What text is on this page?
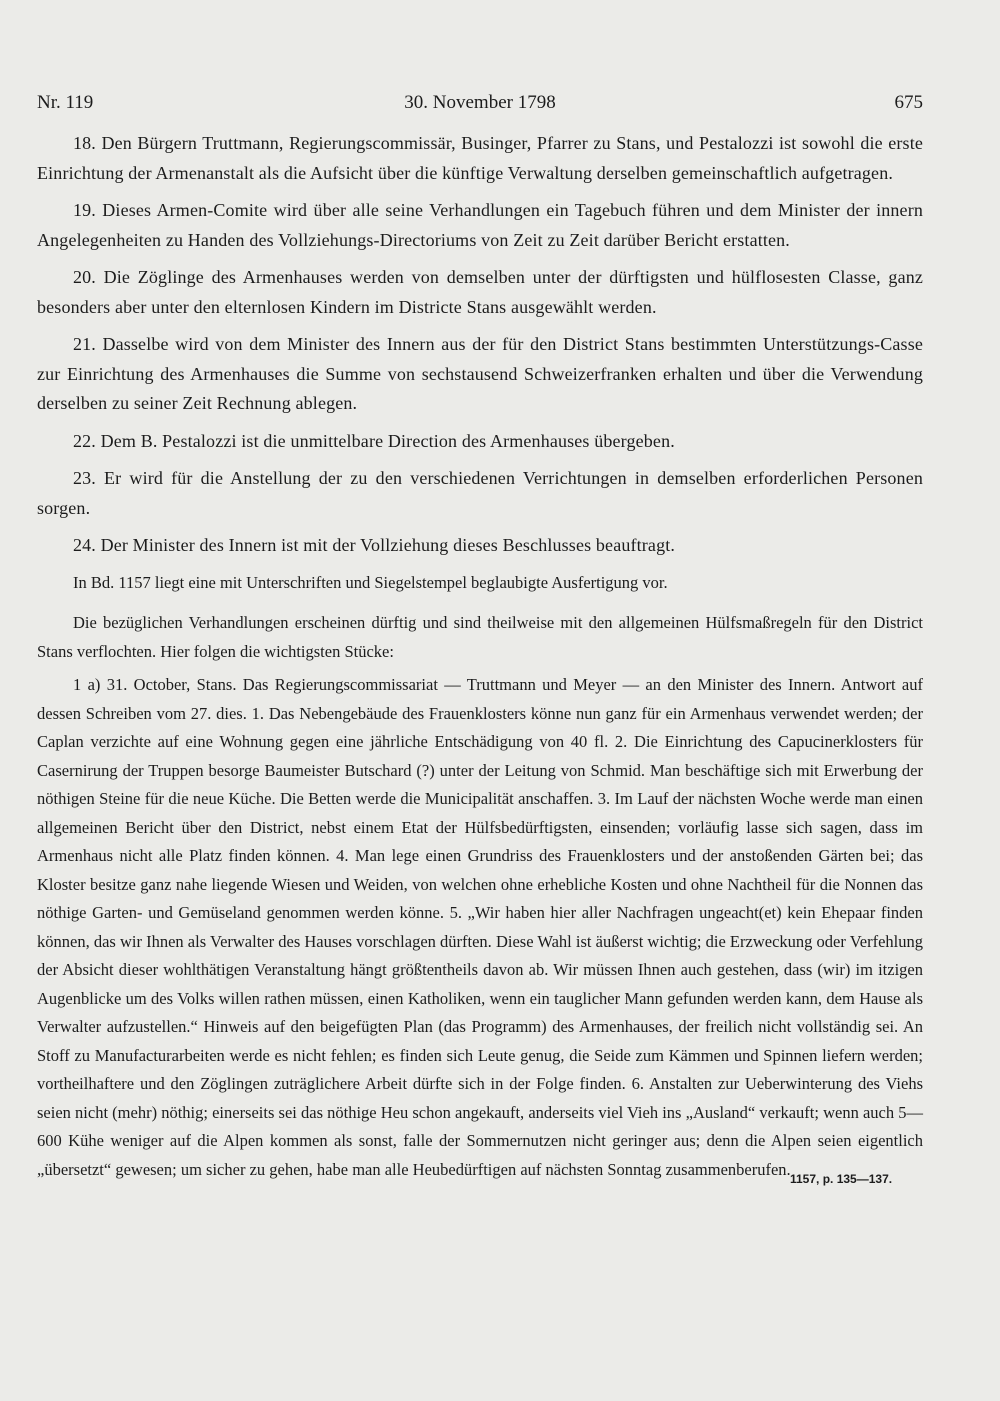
Nr. 119	30. November 1798	675

18. Den Bürgern Truttmann, Regierungscommissär, Businger, Pfarrer zu Stans, und Pestalozzi ist sowohl die erste Einrichtung der Armenanstalt als die Aufsicht über die künftige Verwaltung derselben gemeinschaftlich aufgetragen.

19. Dieses Armen-Comite wird über alle seine Verhandlungen ein Tagebuch führen und dem Minister der innern Angelegenheiten zu Handen des Vollziehungs-Directoriums von Zeit zu Zeit darüber Bericht erstatten.

20. Die Zöglinge des Armenhauses werden von demselben unter der dürftigsten und hülflosesten Classe, ganz besonders aber unter den elternlosen Kindern im Districte Stans ausgewählt werden.

21. Dasselbe wird von dem Minister des Innern aus der für den District Stans bestimmten Unterstützungs-Casse zur Einrichtung des Armenhauses die Summe von sechstausend Schweizerfranken erhalten und über die Verwendung derselben zu seiner Zeit Rechnung ablegen.

22. Dem B. Pestalozzi ist die unmittelbare Direction des Armenhauses übergeben.

23. Er wird für die Anstellung der zu den verschiedenen Verrichtungen in demselben erforderlichen Personen sorgen.

24. Der Minister des Innern ist mit der Vollziehung dieses Beschlusses beauftragt.

In Bd. 1157 liegt eine mit Unterschriften und Siegelstempel beglaubigte Ausfertigung vor.

Die bezüglichen Verhandlungen erscheinen dürftig und sind theilweise mit den allgemeinen Hülfsmaßregeln für den District Stans verflochten. Hier folgen die wichtigsten Stücke:

1 a) 31. October, Stans. Das Regierungscommissariat — Truttmann und Meyer — an den Minister des Innern. Antwort auf dessen Schreiben vom 27. dies. 1. Das Nebengebäude des Frauenklosters könne nun ganz für ein Armenhaus verwendet werden; der Caplan verzichte auf eine Wohnung gegen eine jährliche Entschädigung von 40 fl. 2. Die Einrichtung des Capucinerklosters für Casernirung der Truppen besorge Baumeister Butschard (?) unter der Leitung von Schmid. Man beschäftige sich mit Erwerbung der nöthigen Steine für die neue Küche. Die Betten werde die Municipalität anschaffen. 3. Im Lauf der nächsten Woche werde man einen allgemeinen Bericht über den District, nebst einem Etat der Hülfsbedürftigsten, einsenden; vorläufig lasse sich sagen, dass im Armenhaus nicht alle Platz finden können. 4. Man lege einen Grundriss des Frauenklosters und der anstoßenden Gärten bei; das Kloster besitze ganz nahe liegende Wiesen und Weiden, von welchen ohne erhebliche Kosten und ohne Nachtheil für die Nonnen das nöthige Garten- und Gemüseland genommen werden könne. 5. „Wir haben hier aller Nachfragen ungeacht(et) kein Ehepaar finden können, das wir Ihnen als Verwalter des Hauses vorschlagen dürften. Diese Wahl ist äußerst wichtig; die Erzweckung oder Verfehlung der Absicht dieser wohlthätigen Veranstaltung hängt größtentheils davon ab. Wir müssen Ihnen auch gestehen, dass (wir) im itzigen Augenblicke um des Volks willen rathen müssen, einen Katholiken, wenn ein tauglicher Mann gefunden werden kann, dem Hause als Verwalter aufzustellen.“ Hinweis auf den beigefügten Plan (das Programm) des Armenhauses, der freilich nicht vollständig sei. An Stoff zu Manufacturarbeiten werde es nicht fehlen; es finden sich Leute genug, die Seide zum Kämmen und Spinnen liefern werden; vortheilhaftere und den Zöglingen zuträglichere Arbeit dürfte sich in der Folge finden. 6. Anstalten zur Ueberwinterung des Viehs seien nicht (mehr) nöthig; einerseits sei das nöthige Heu schon angekauft, anderseits viel Vieh ins „Ausland“ verkauft; wenn auch 5—600 Kühe weniger auf die Alpen kommen als sonst, falle der Sommernutzen nicht geringer aus; denn die Alpen seien eigentlich „übersetzt“ gewesen; um sicher zu gehen, habe man alle Heubedürftigen auf nächsten Sonntag zusammenberufen.

1157, p. 135—137.
